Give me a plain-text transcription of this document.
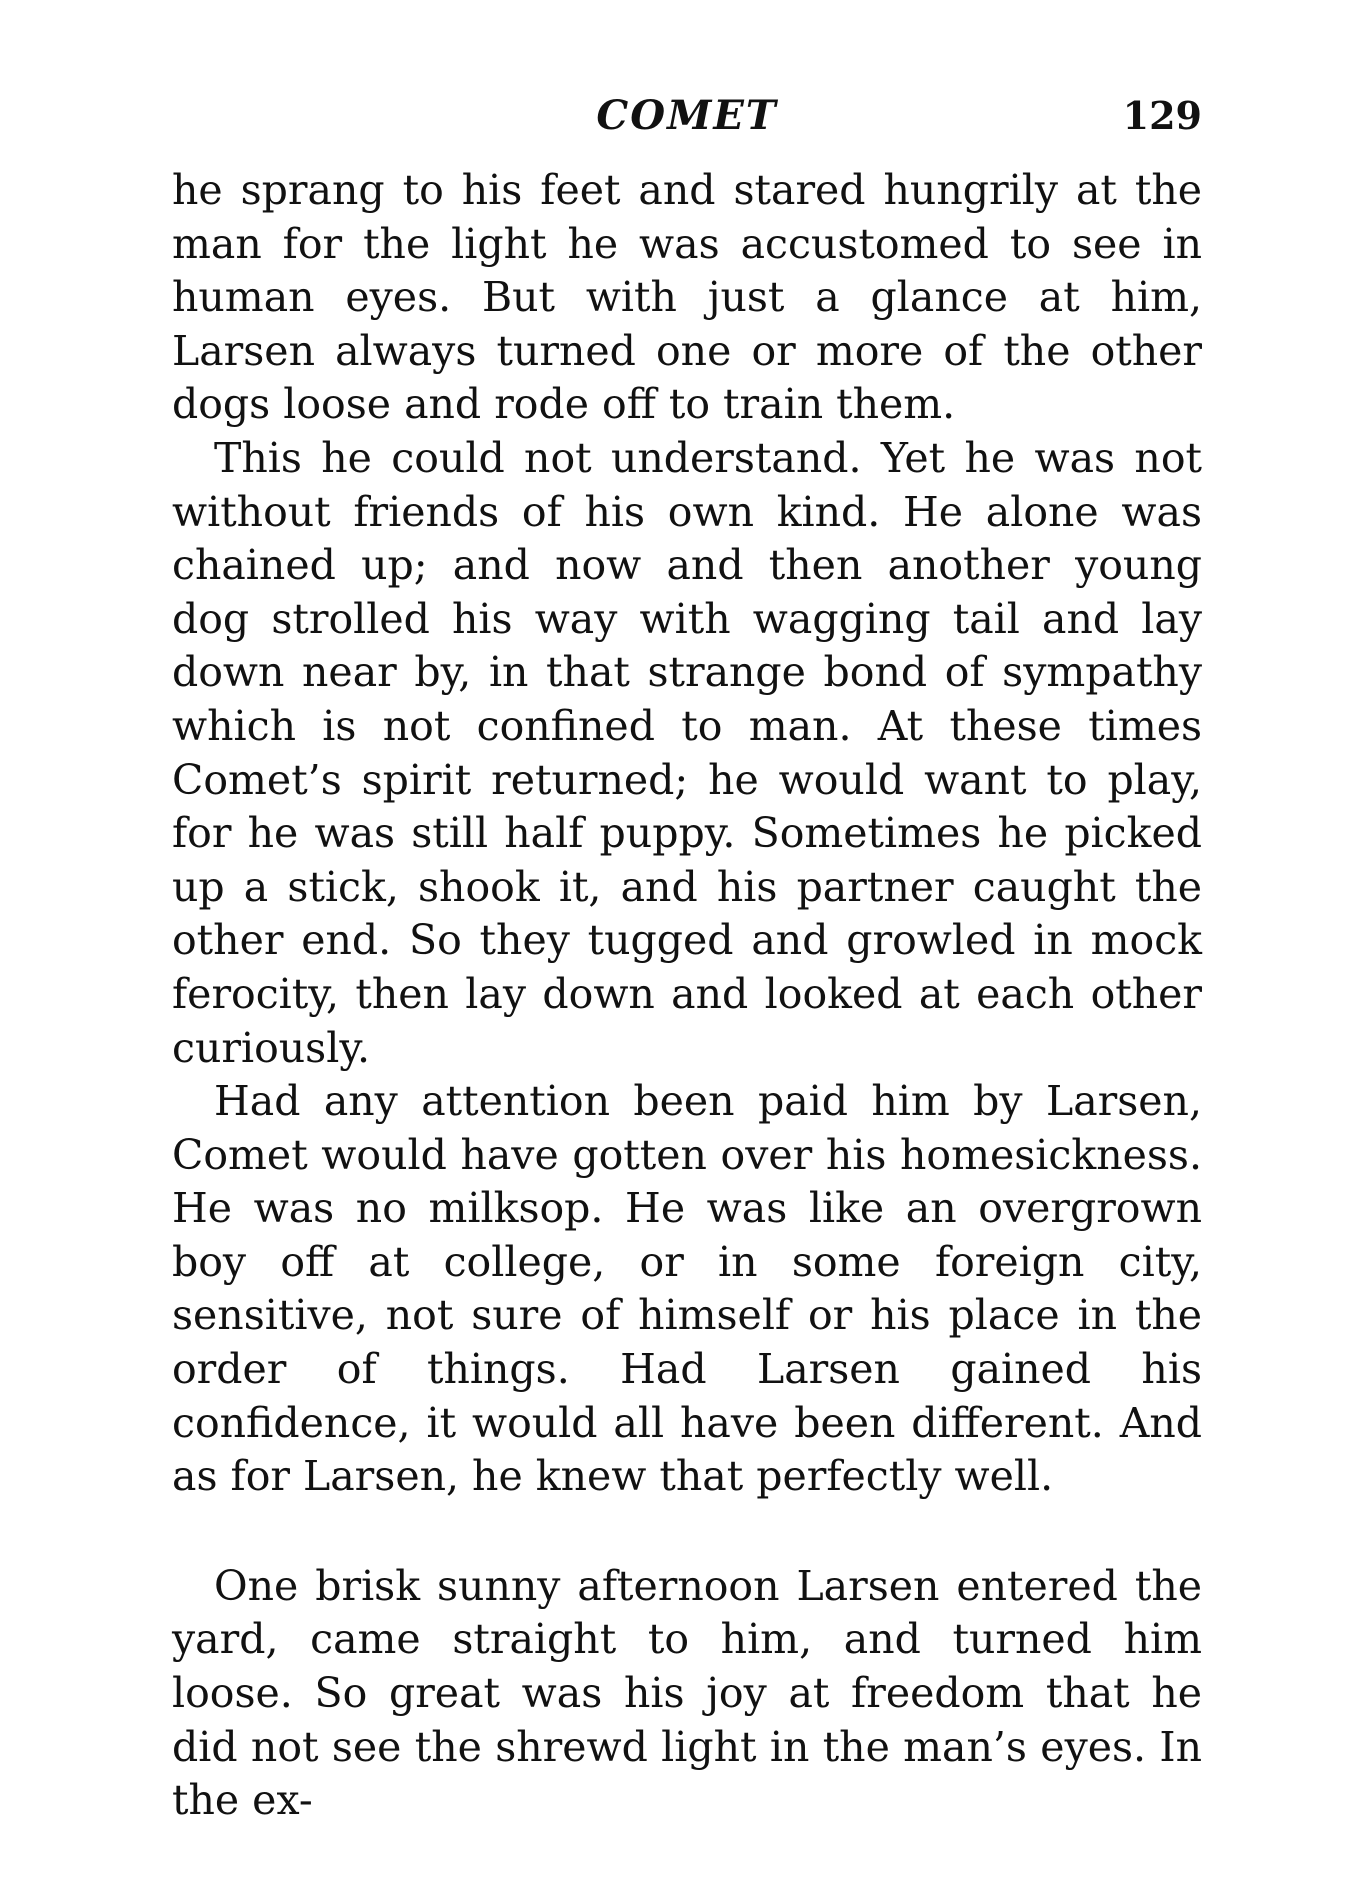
COMET	129

he sprang to his feet and stared hungrily at the man for the light he was accustomed to see in human eyes. But with just a glance at him, Larsen always turned one or more of the other dogs loose and rode off to train them.

This he could not understand. Yet he was not without friends of his own kind. He alone was chained up; and now and then another young dog strolled his way with wagging tail and lay down near by, in that strange bond of sympathy which is not confined to man. At these times Comet’s spirit returned; he would want to play, for he was still half puppy. Sometimes he picked up a stick, shook it, and his partner caught the other end. So they tugged and growled in mock ferocity, then lay down and looked at each other curiously.

Had any attention been paid him by Larsen, Comet would have gotten over his homesickness. He was no milksop. He was like an overgrown boy off at college, or in some foreign city, sensitive, not sure of himself or his place in the order of things. Had Larsen gained his confidence, it would all have been different. And as for Larsen, he knew that perfectly well.

One brisk sunny afternoon Larsen entered the yard, came straight to him, and turned him loose. So great was his joy at freedom that he did not see the shrewd light in the man’s eyes. In the ex-
